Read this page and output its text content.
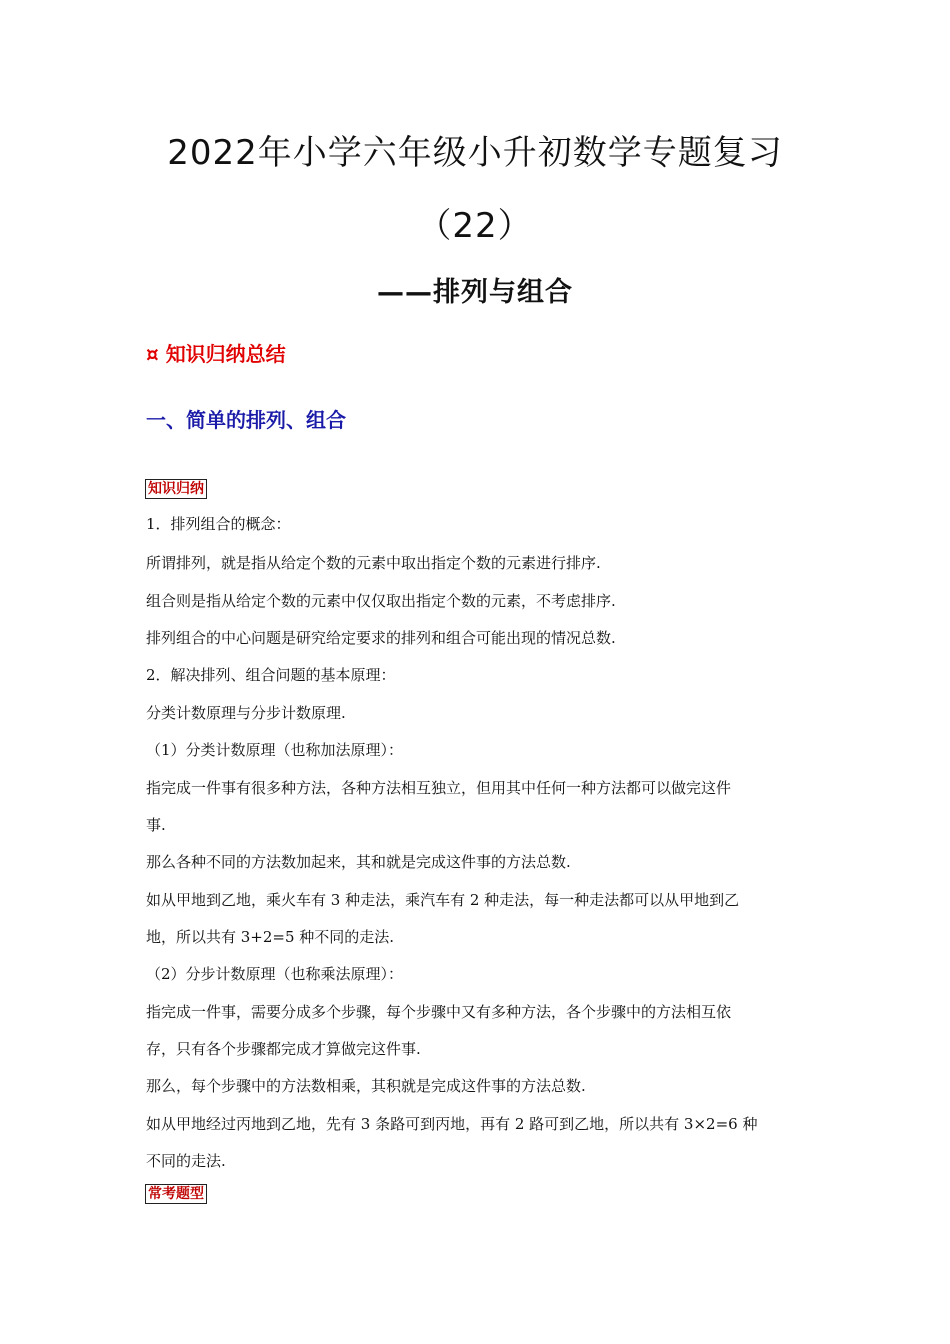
2022年小学六年级小升初数学专题复习
（22）
——排列与组合
¤ 知识归纳总结
一、简单的排列、组合
知识归纳
1．排列组合的概念：
所谓排列，就是指从给定个数的元素中取出指定个数的元素进行排序.
组合则是指从给定个数的元素中仅仅取出指定个数的元素，不考虑排序.
排列组合的中心问题是研究给定要求的排列和组合可能出现的情况总数.
2．解决排列、组合问题的基本原理：
分类计数原理与分步计数原理.
（1）分类计数原理（也称加法原理）：
指完成一件事有很多种方法，各种方法相互独立，但用其中任何一种方法都可以做完这件
事.
那么各种不同的方法数加起来，其和就是完成这件事的方法总数.
如从甲地到乙地，乘火车有 3 种走法，乘汽车有 2 种走法，每一种走法都可以从甲地到乙
地，所以共有 3+2=5 种不同的走法.
（2）分步计数原理（也称乘法原理）：
指完成一件事，需要分成多个步骤，每个步骤中又有多种方法，各个步骤中的方法相互依
存，只有各个步骤都完成才算做完这件事.
那么，每个步骤中的方法数相乘，其积就是完成这件事的方法总数.
如从甲地经过丙地到乙地，先有 3 条路可到丙地，再有 2 路可到乙地，所以共有 3×2=6 种
不同的走法.
常考题型
